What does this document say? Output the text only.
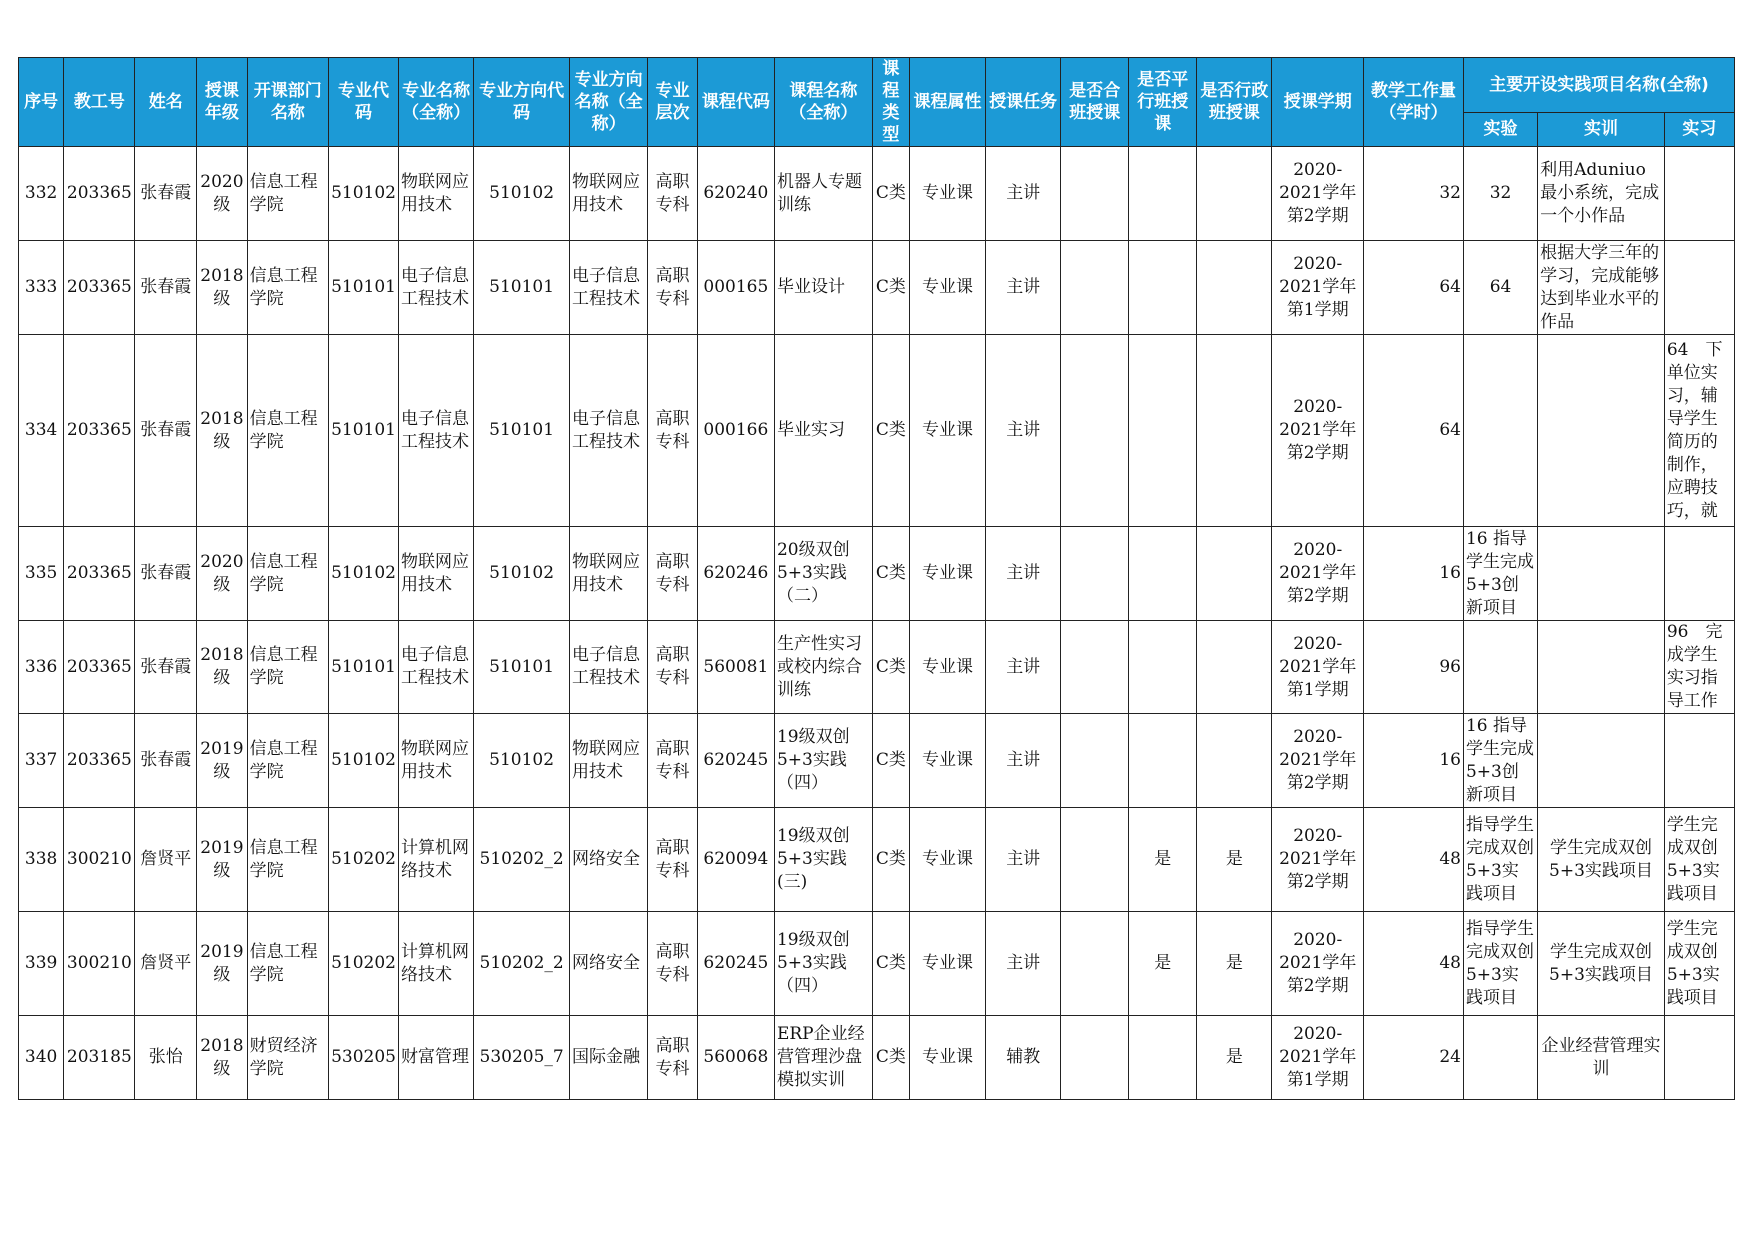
序号	教工号	姓名	授课年级	开课部门名称	专业代码	专业名称（全称）	专业方向代码	专业方向名称（全称）	专业层次	课程代码	课程名称（全称）	课程类型	课程属性	授课任务	是否合班授课	是否平行班授课	是否行政班授课	授课学期	教学工作量（学时）	主要开设实践项目名称(全称)		
																				实验	实训	实习
332	203365	张春霞	2020级	信息工程学院	510102	物联网应用技术	510102	物联网应用技术	高职专科	620240	机器人专题训练	C类	专业课	主讲				2020-2021学年第2学期	32	32	利用Aduniuo最小系统，完成一个小作品	
333	203365	张春霞	2018级	信息工程学院	510101	电子信息工程技术	510101	电子信息工程技术	高职专科	000165	毕业设计	C类	专业课	主讲				2020-2021学年第1学期	64	64	根据大学三年的学习，完成能够达到毕业水平的作品	
334	203365	张春霞	2018级	信息工程学院	510101	电子信息工程技术	510101	电子信息工程技术	高职专科	000166	毕业实习	C类	专业课	主讲				2020-2021学年第2学期	64			64　下单位实习，辅导学生简历的制作，应聘技巧，就
335	203365	张春霞	2020级	信息工程学院	510102	物联网应用技术	510102	物联网应用技术	高职专科	620246	20级双创5+3实践（二）	C类	专业课	主讲				2020-2021学年第2学期	16	16 指导学生完成5+3创新项目		
336	203365	张春霞	2018级	信息工程学院	510101	电子信息工程技术	510101	电子信息工程技术	高职专科	560081	生产性实习或校内综合训练	C类	专业课	主讲				2020-2021学年第1学期	96			96　完成学生实习指导工作
337	203365	张春霞	2019级	信息工程学院	510102	物联网应用技术	510102	物联网应用技术	高职专科	620245	19级双创5+3实践（四）	C类	专业课	主讲				2020-2021学年第2学期	16	16 指导学生完成5+3创新项目		
338	300210	詹贤平	2019级	信息工程学院	510202	计算机网络技术	510202_2	网络安全	高职专科	620094	19级双创5+3实践(三)	C类	专业课	主讲		是	是	2020-2021学年第2学期	48	指导学生完成双创5+3实践项目	学生完成双创5+3实践项目	学生完成双创5+3实践项目
339	300210	詹贤平	2019级	信息工程学院	510202	计算机网络技术	510202_2	网络安全	高职专科	620245	19级双创5+3实践（四）	C类	专业课	主讲		是	是	2020-2021学年第2学期	48	指导学生完成双创5+3实践项目	学生完成双创5+3实践项目	学生完成双创5+3实践项目
340	203185	张怡	2018级	财贸经济学院	530205	财富管理	530205_7	国际金融	高职专科	560068	ERP企业经营管理沙盘模拟实训	C类	专业课	辅教			是	2020-2021学年第1学期	24		企业经营管理实训	
